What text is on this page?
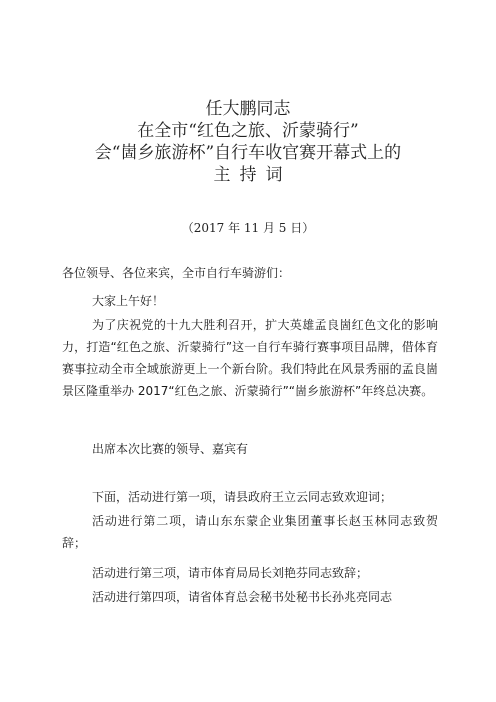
任大鹏同志
在全市“红色之旅、沂蒙骑行”
会“崮乡旅游杯”自行车收官赛开幕式上的
主持词
（2017 年 11 月 5 日）

各位领导、各位来宾，全市自行车骑游们：

大家上午好！

为了庆祝党的十九大胜利召开，扩大英雄孟良崮红色文化的影响力，打造“红色之旅、沂蒙骑行”这一自行车骑行赛事项目品牌，借体育赛事拉动全市全域旅游更上一个新台阶。我们特此在风景秀丽的孟良崮景区隆重举办 2017“红色之旅、沂蒙骑行”“崮乡旅游杯”年终总决赛。

出席本次比赛的领导、嘉宾有

下面，活动进行第一项，请县政府王立云同志致欢迎词；

活动进行第二项，请山东东蒙企业集团董事长赵玉林同志致贺辞；

活动进行第三项，请市体育局局长刘艳芬同志致辞；

活动进行第四项，请省体育总会秘书处秘书长孙兆亮同志
